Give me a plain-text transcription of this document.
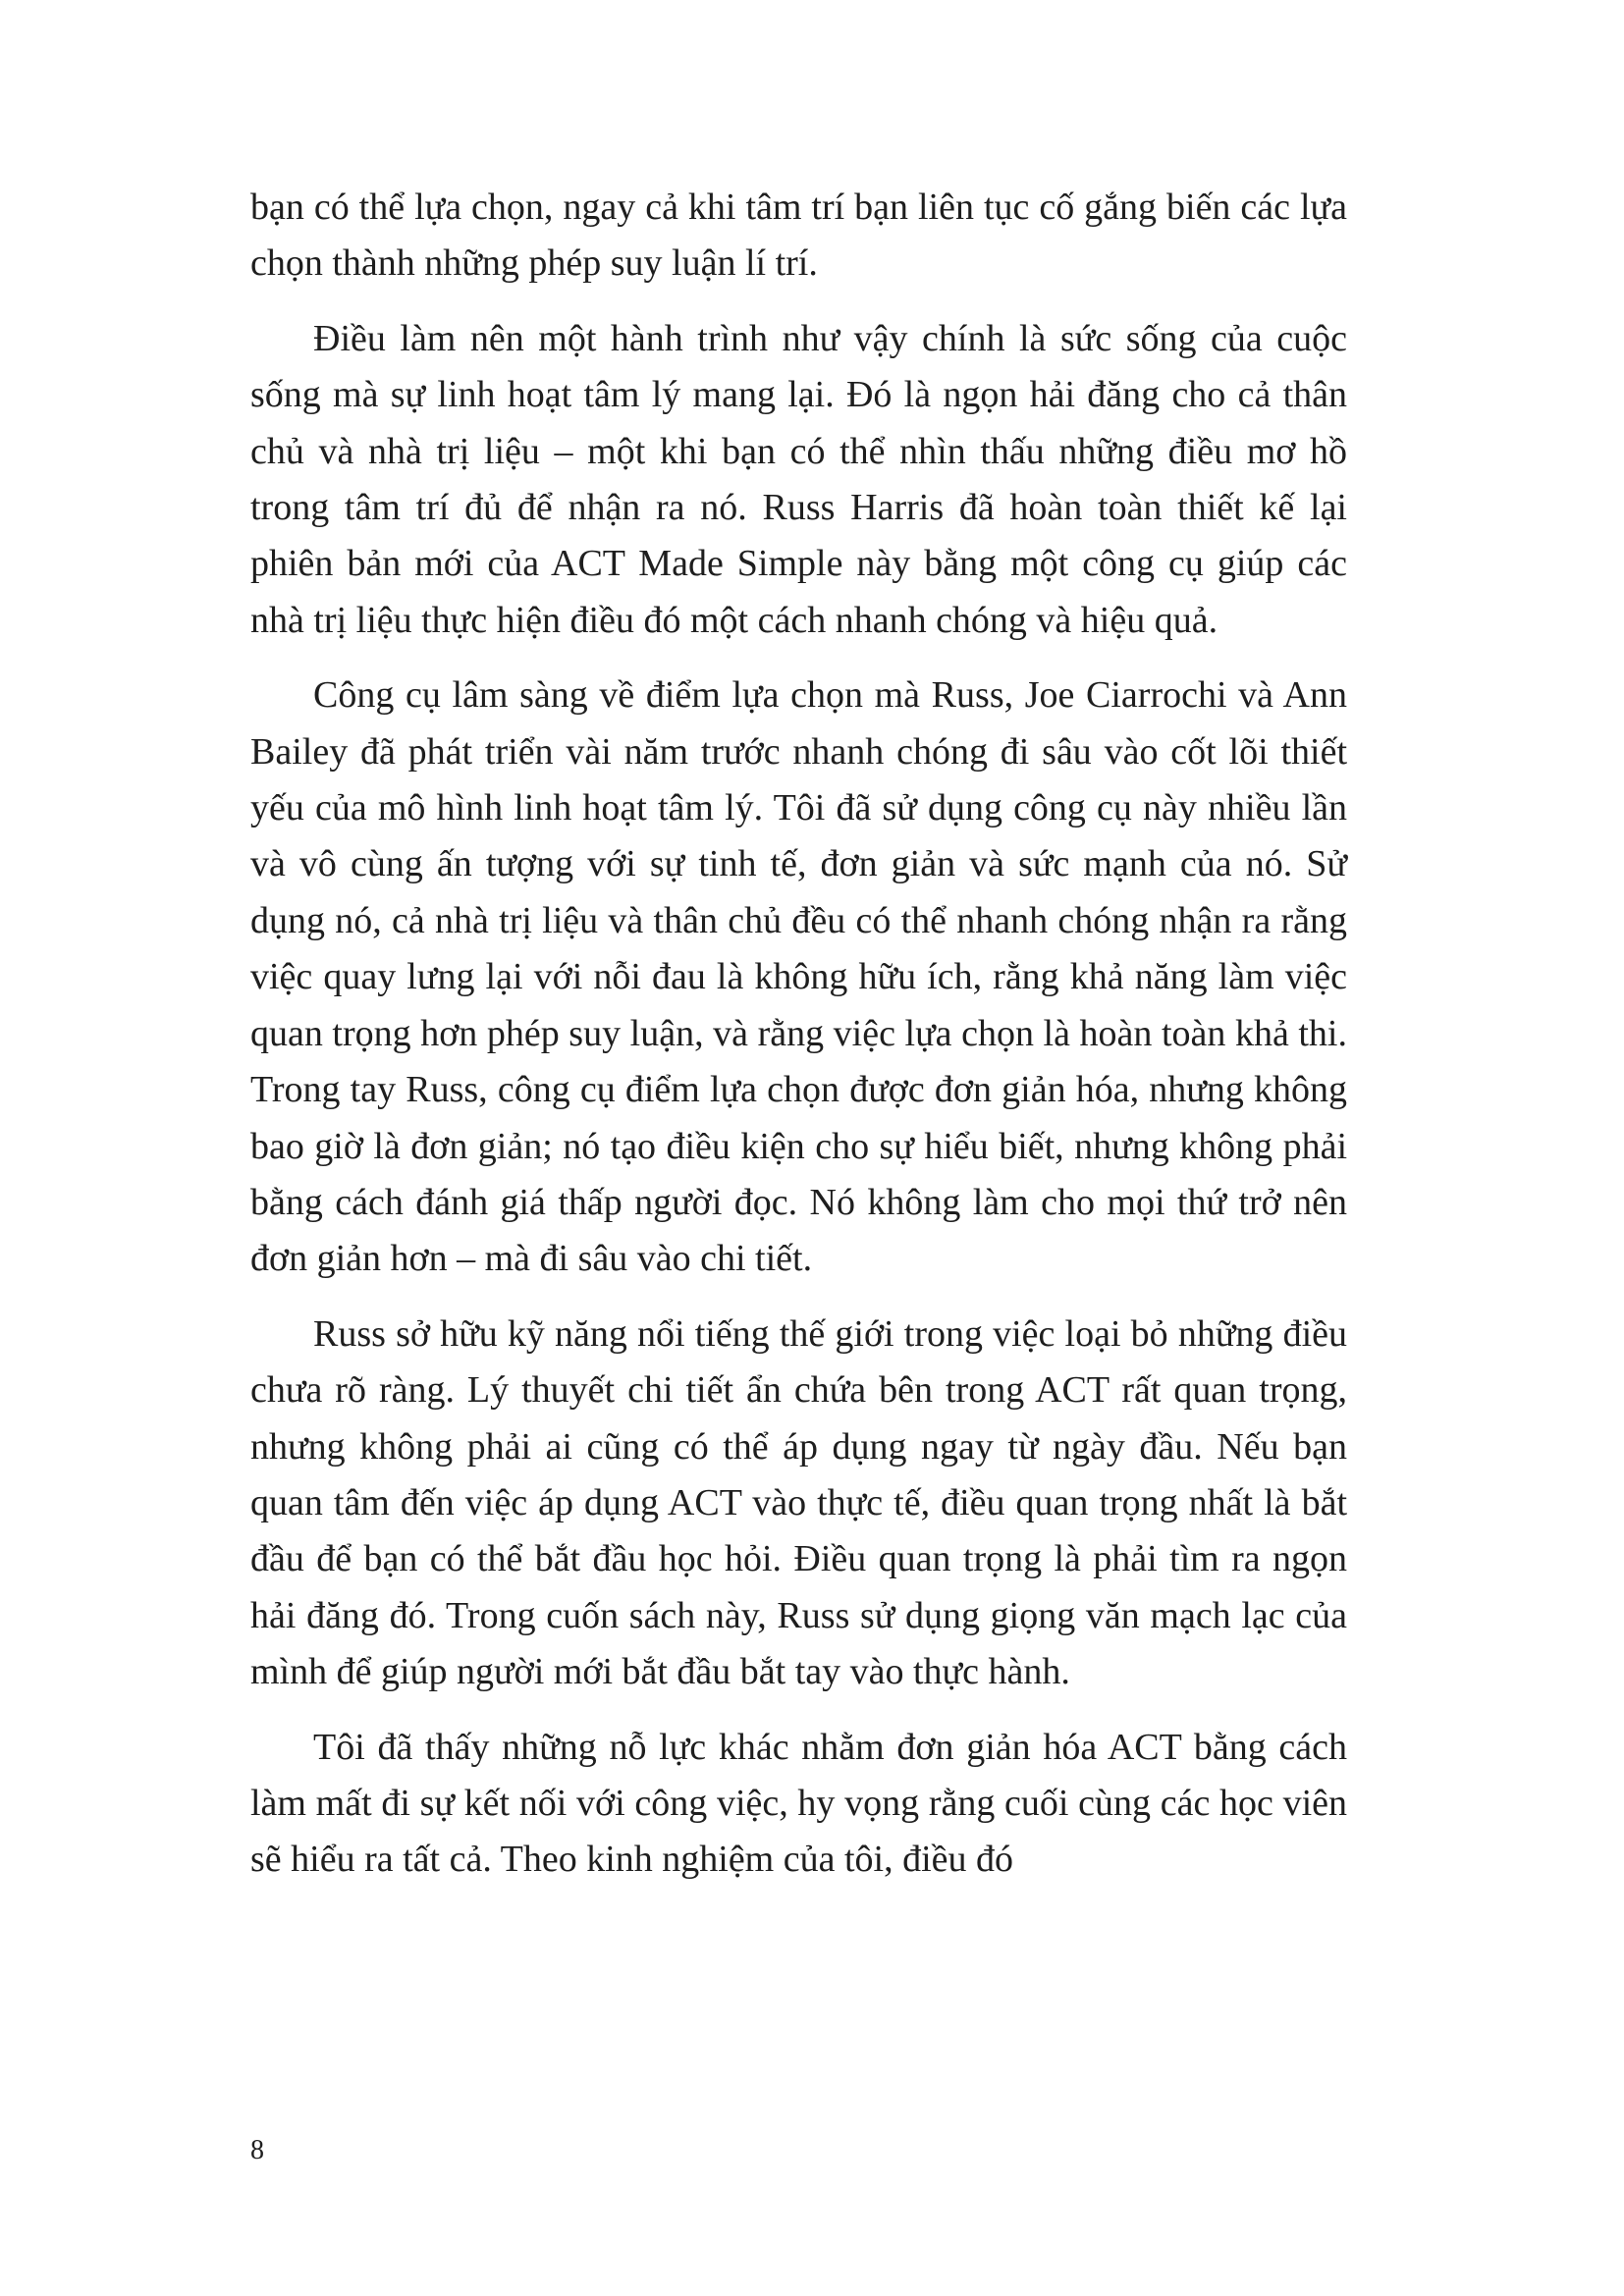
bạn có thể lựa chọn, ngay cả khi tâm trí bạn liên tục cố gắng biến các lựa chọn thành những phép suy luận lí trí.

Điều làm nên một hành trình như vậy chính là sức sống của cuộc sống mà sự linh hoạt tâm lý mang lại. Đó là ngọn hải đăng cho cả thân chủ và nhà trị liệu – một khi bạn có thể nhìn thấu những điều mơ hồ trong tâm trí đủ để nhận ra nó. Russ Harris đã hoàn toàn thiết kế lại phiên bản mới của ACT Made Simple này bằng một công cụ giúp các nhà trị liệu thực hiện điều đó một cách nhanh chóng và hiệu quả.

Công cụ lâm sàng về điểm lựa chọn mà Russ, Joe Ciarrochi và Ann Bailey đã phát triển vài năm trước nhanh chóng đi sâu vào cốt lõi thiết yếu của mô hình linh hoạt tâm lý. Tôi đã sử dụng công cụ này nhiều lần và vô cùng ấn tượng với sự tinh tế, đơn giản và sức mạnh của nó. Sử dụng nó, cả nhà trị liệu và thân chủ đều có thể nhanh chóng nhận ra rằng việc quay lưng lại với nỗi đau là không hữu ích, rằng khả năng làm việc quan trọng hơn phép suy luận, và rằng việc lựa chọn là hoàn toàn khả thi. Trong tay Russ, công cụ điểm lựa chọn được đơn giản hóa, nhưng không bao giờ là đơn giản; nó tạo điều kiện cho sự hiểu biết, nhưng không phải bằng cách đánh giá thấp người đọc. Nó không làm cho mọi thứ trở nên đơn giản hơn – mà đi sâu vào chi tiết.

Russ sở hữu kỹ năng nổi tiếng thế giới trong việc loại bỏ những điều chưa rõ ràng. Lý thuyết chi tiết ẩn chứa bên trong ACT rất quan trọng, nhưng không phải ai cũng có thể áp dụng ngay từ ngày đầu. Nếu bạn quan tâm đến việc áp dụng ACT vào thực tế, điều quan trọng nhất là bắt đầu để bạn có thể bắt đầu học hỏi. Điều quan trọng là phải tìm ra ngọn hải đăng đó. Trong cuốn sách này, Russ sử dụng giọng văn mạch lạc của mình để giúp người mới bắt đầu bắt tay vào thực hành.

Tôi đã thấy những nỗ lực khác nhằm đơn giản hóa ACT bằng cách làm mất đi sự kết nối với công việc, hy vọng rằng cuối cùng các học viên sẽ hiểu ra tất cả. Theo kinh nghiệm của tôi, điều đó

8
